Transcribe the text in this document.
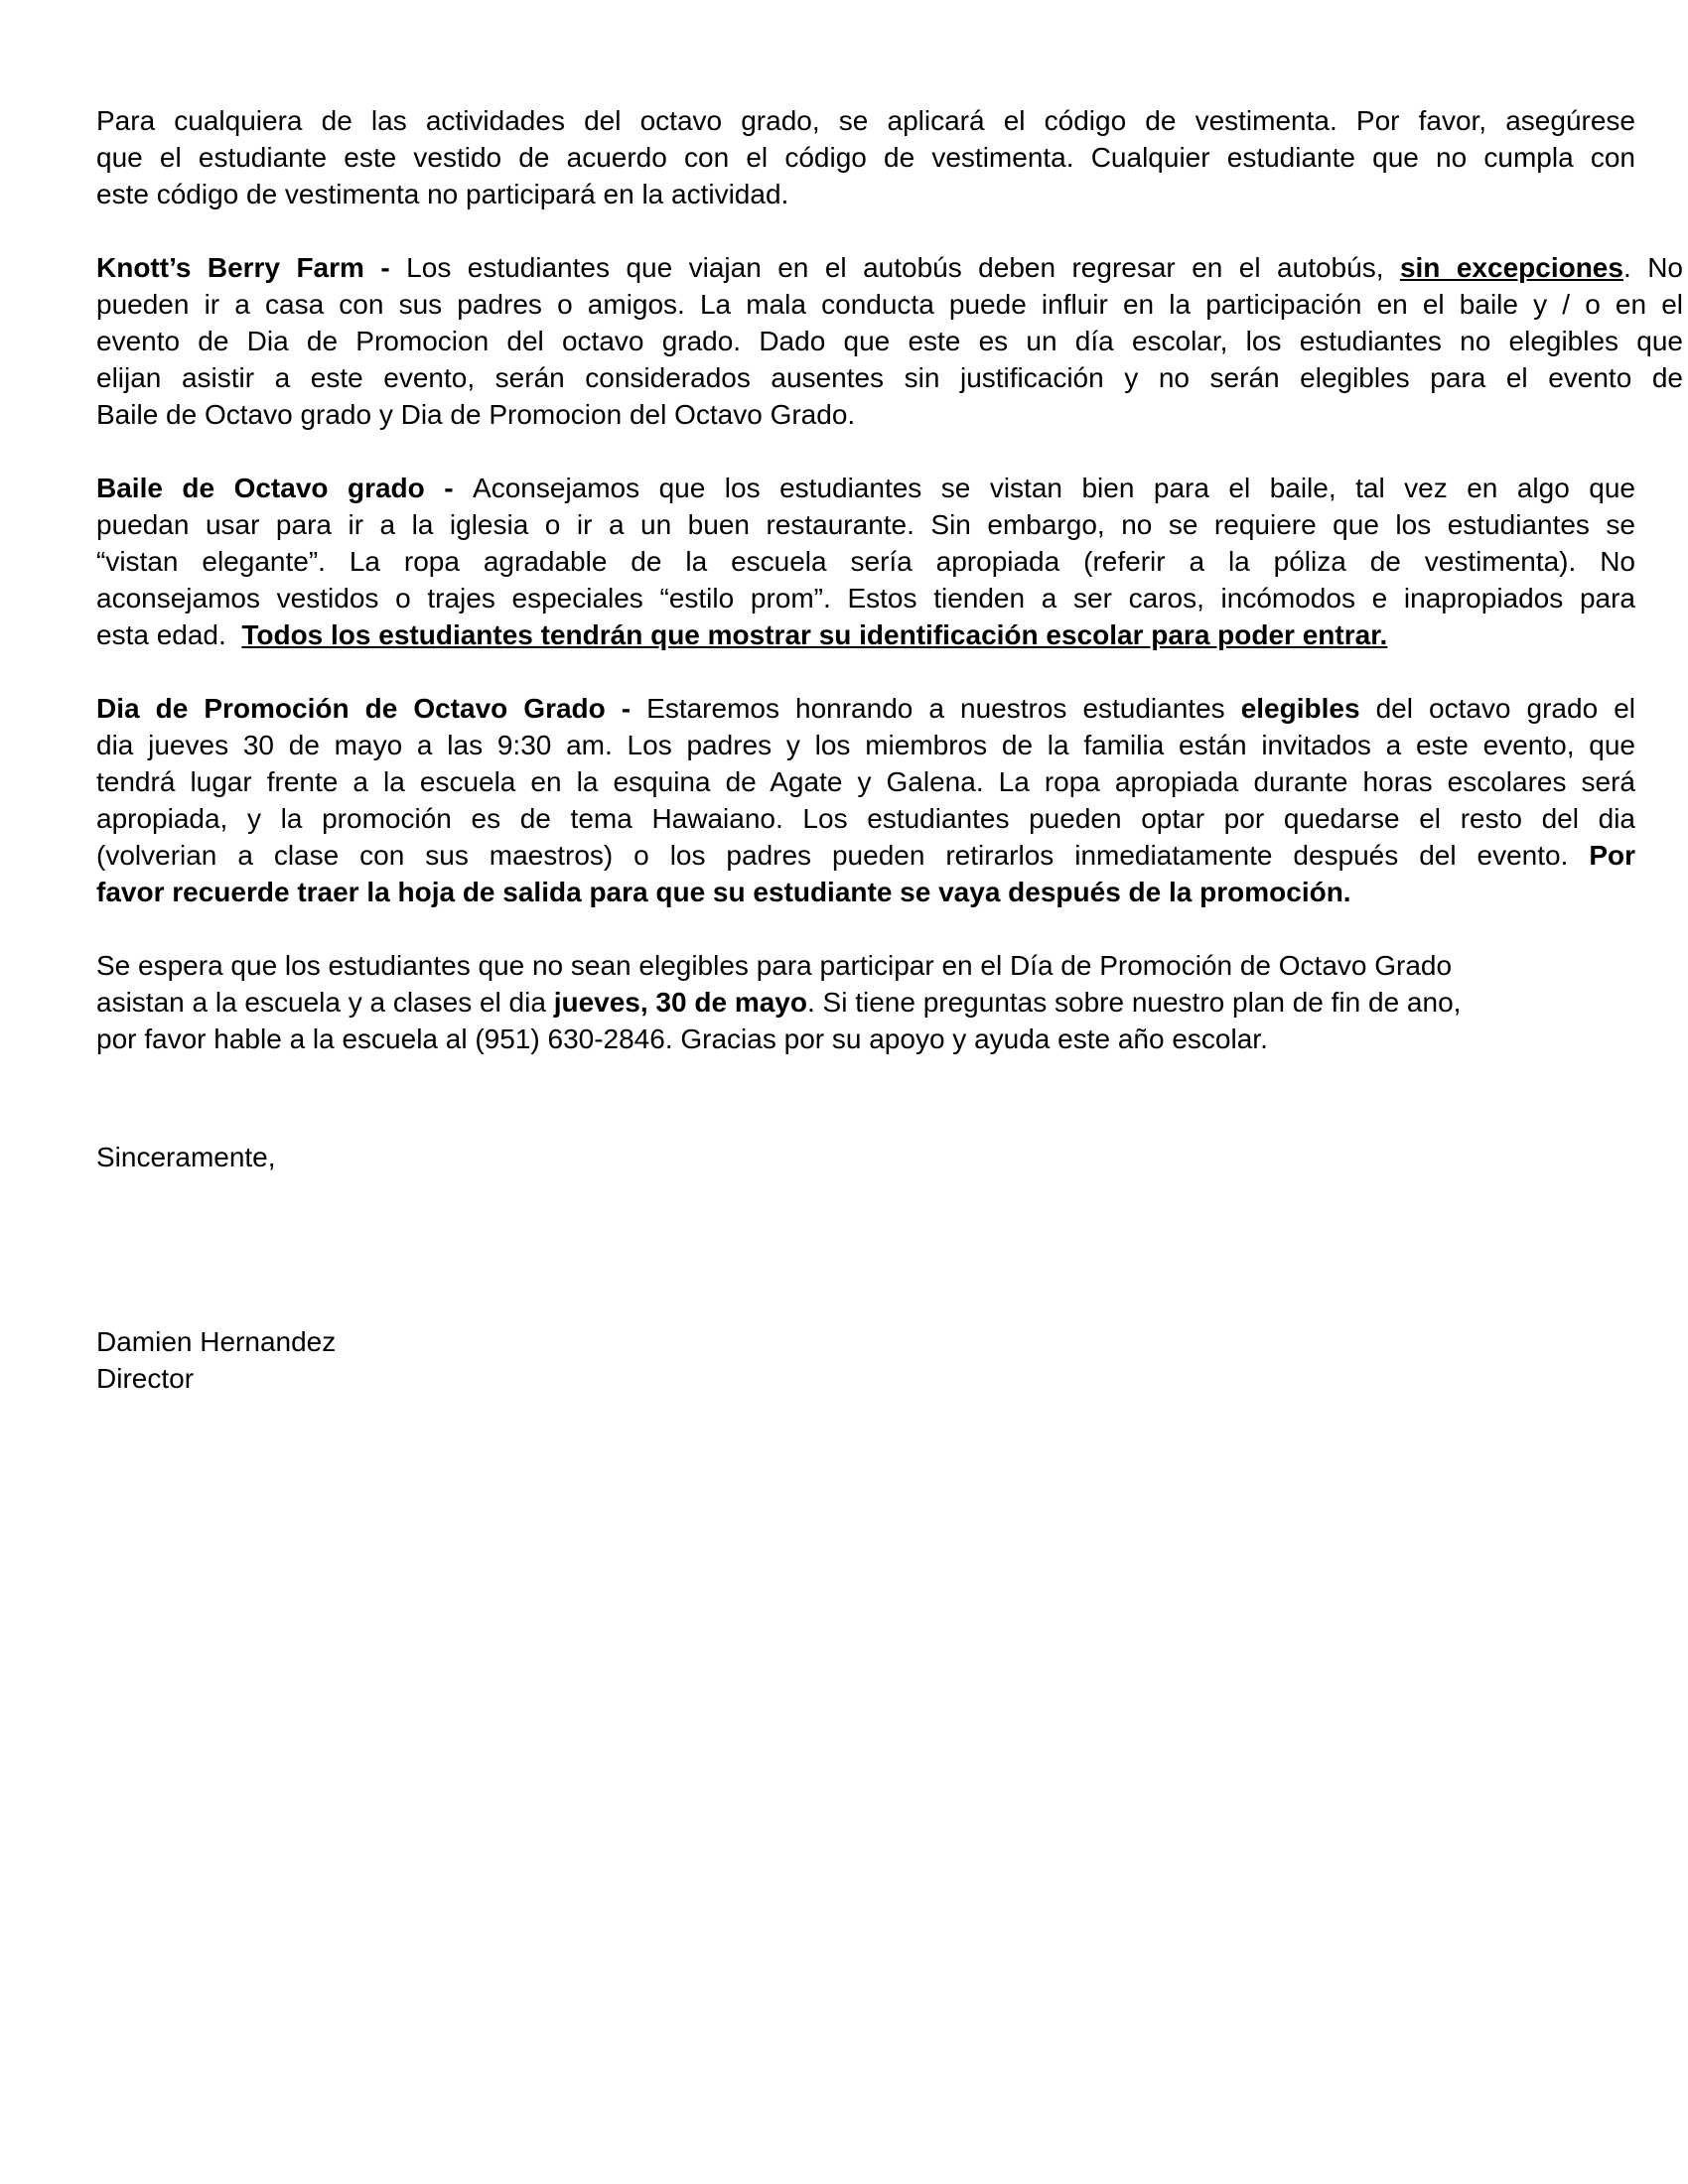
Para cualquiera de las actividades del octavo grado, se aplicará el código de vestimenta. Por favor, asegúrese
que el estudiante este vestido de acuerdo con el código de vestimenta. Cualquier estudiante que no cumpla con
este código de vestimenta no participará en la actividad.
Knott’s Berry Farm - Los estudiantes que viajan en el autobús deben regresar en el autobús, sin excepciones. No
pueden ir a casa con sus padres o amigos. La mala conducta puede influir en la participación en el baile y / o en el
evento de Dia de Promocion del octavo grado. Dado que este es un día escolar, los estudiantes no elegibles que
elijan asistir a este evento, serán considerados ausentes sin justificación y no serán elegibles para el evento de
Baile de Octavo grado y Dia de Promocion del Octavo Grado.
Baile de Octavo grado - Aconsejamos que los estudiantes se vistan bien para el baile, tal vez en algo que
puedan usar para ir a la iglesia o ir a un buen restaurante. Sin embargo, no se requiere que los estudiantes se
“vistan elegante”. La ropa agradable de la escuela sería apropiada (referir a la póliza de vestimenta). No
aconsejamos vestidos o trajes especiales “estilo prom”. Estos tienden a ser caros, incómodos e inapropiados para
esta edad.  Todos los estudiantes tendrán que mostrar su identificación escolar para poder entrar.
Dia de Promoción de Octavo Grado - Estaremos honrando a nuestros estudiantes elegibles del octavo grado el
dia jueves 30 de mayo a las 9:30 am. Los padres y los miembros de la familia están invitados a este evento, que
tendrá lugar frente a la escuela en la esquina de Agate y Galena. La ropa apropiada durante horas escolares será
apropiada, y la promoción es de tema Hawaiano. Los estudiantes pueden optar por quedarse el resto del dia
(volverian a clase con sus maestros) o los padres pueden retirarlos inmediatamente después del evento. Por
favor recuerde traer la hoja de salida para que su estudiante se vaya después de la promoción.
Se espera que los estudiantes que no sean elegibles para participar en el Día de Promoción de Octavo Grado
asistan a la escuela y a clases el dia jueves, 30 de mayo. Si tiene preguntas sobre nuestro plan de fin de ano,
por favor hable a la escuela al (951) 630-2846. Gracias por su apoyo y ayuda este año escolar.
Sinceramente,
Damien Hernandez
Director
